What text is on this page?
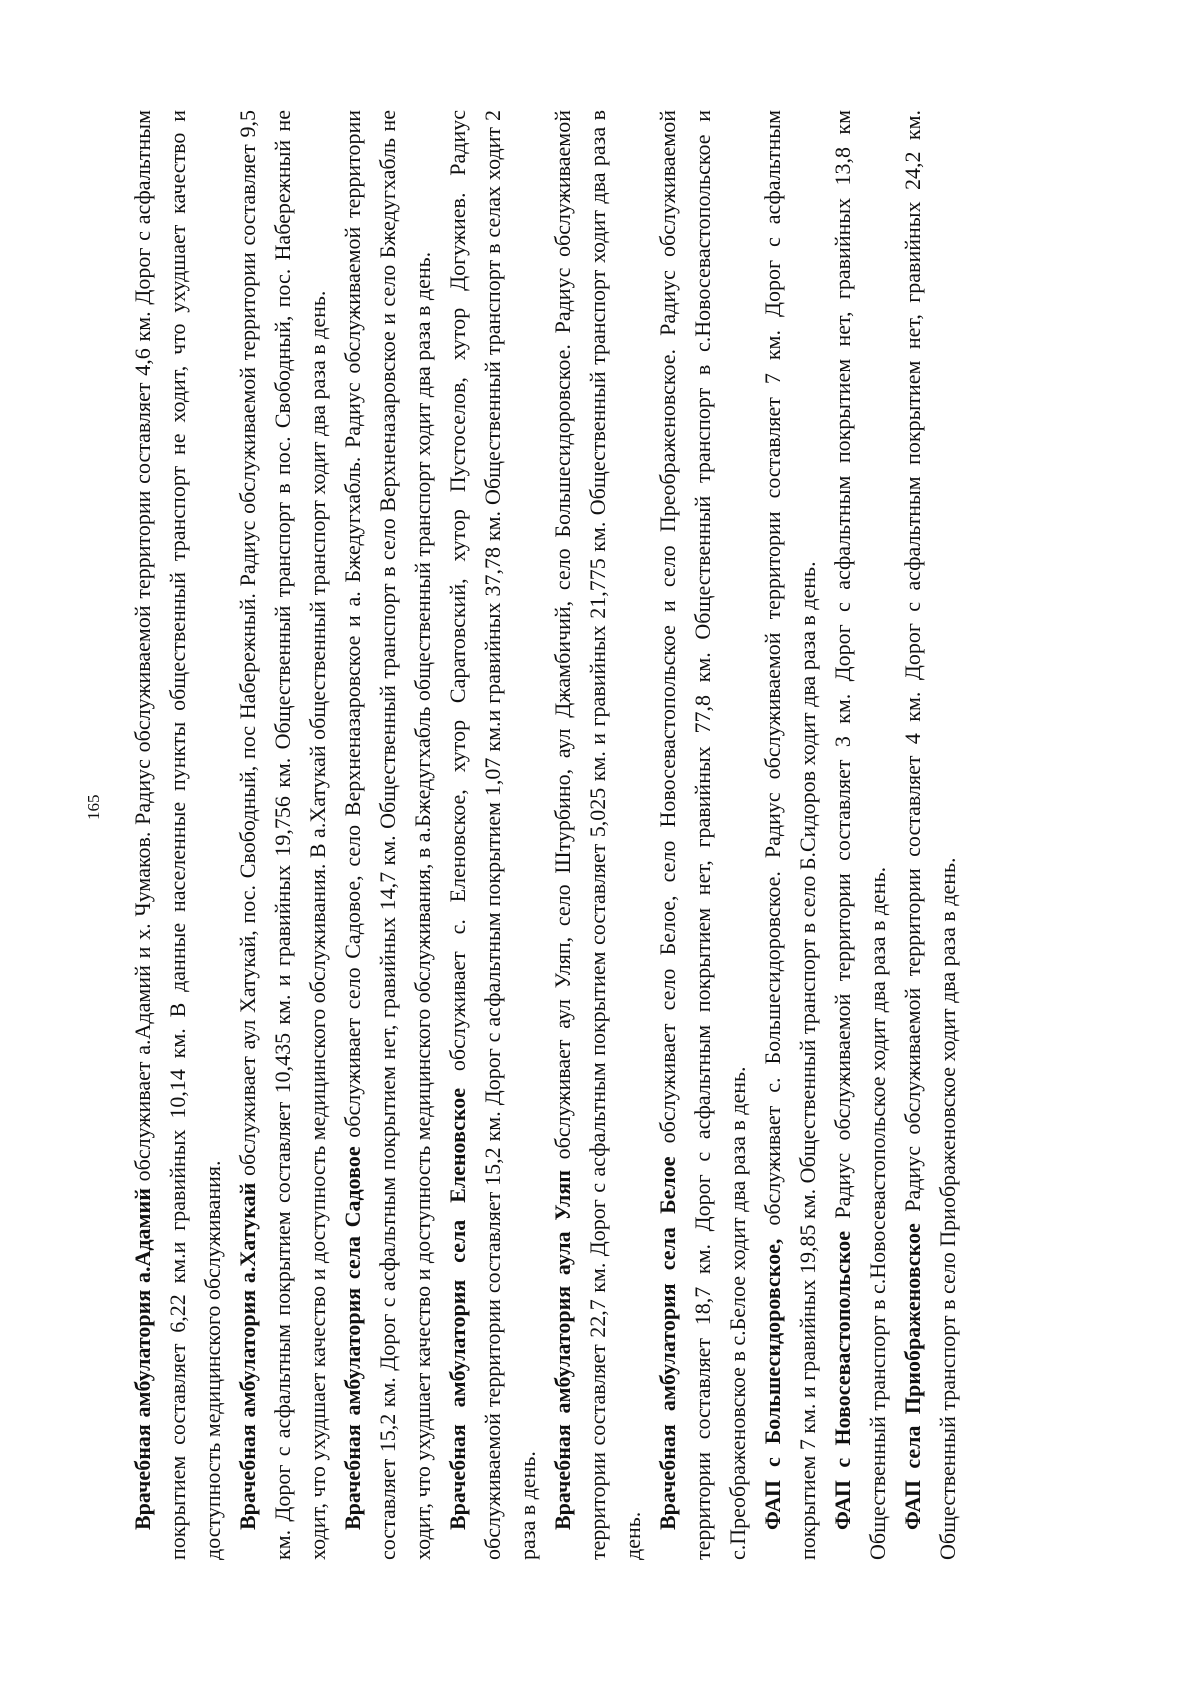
165

Врачебная амбулатория а.Адамий обслуживает а.Адамий и х. Чумаков. Радиус обслуживаемой территории составляет 4,6 км. Дорог с асфальтным покрытием составляет 6,22 км.и гравийных 10,14 км. В данные населенные пункты общественный транспорт не ходит, что ухудшает качество и доступность медицинского обслуживания. Врачебная амбулатория а.Хатукай обслуживает аул Хатукай, пос. Свободный, пос Набережный. Радиус обслуживаемой территории составляет 9,5 км. Дорог с асфальтным покрытием составляет 10,435 км. и гравийных 19,756 км. Общественный транспорт в пос. Свободный, пос. Набережный не ходит, что ухудшает качество и доступность медицинского обслуживания. В а.Хатукай общественный транспорт ходит два раза в день. Врачебная амбулатория села Садовое обслуживает село Садовое, село Верхненазаровское и а. Бжедугхабль. Радиус обслуживаемой территории составляет 15,2 км. Дорог с асфальтным покрытием нет, гравийных 14,7 км. Общественный транспорт в село Верхненазаровское и село Бжедугхабль не ходит, что ухудшает качество и доступность медицинского обслуживания, в а.Бжедугхабль общественный транспорт ходит два раза в день. Врачебная амбулатория села Еленовское обслуживает с. Еленовское, хутор Саратовский, хутор Пустоселов, хутор Догужиев. Радиус обслуживаемой территории составляет 15,2 км. Дорог с асфальтным покрытием 1,07 км.и гравийных 37,78 км. Общественный транспорт в селах ходит 2 раза в день. Врачебная амбулатория аула Уляп обслуживает аул Уляп, село Штурбино, аул Джамбичий, село Большесидоровское. Радиус обслуживаемой территории составляет 22,7 км. Дорог с асфальтным покрытием составляет 5,025 км. и гравийных 21,775 км. Общественный транспорт ходит два раза в день.

Врачебная амбулатория села Белое обслуживает село Белое, село Новосевастопольское и село Преображеновское. Радиус обслуживаемой территории составляет 18,7 км. Дорог с асфальтным покрытием нет, гравийных 77,8 км. Общественный транспорт в с.Новосевастопольское и с.Преображеновское в с.Белое ходит два раза в день. ФАП с Большесидоровское, обслуживает с. Большесидоровское. Радиус обслуживаемой территории составляет 7 км. Дорог с асфальтным покрытием 7 км. и гравийных 19,85 км. Общественный транспорт в село Б.Сидоров ходит два раза в день. ФАП с Новосевастопольское Радиус обслуживаемой территории составляет 3 км. Дорог с асфальтным покрытием нет, гравийных 13,8 км Общественный транспорт в с.Новосевастопольское ходит два раза в день. ФАП села Приображеновское Радиус обслуживаемой территории составляет 4 км. Дорог с асфальтным покрытием нет, гравийных 24,2 км. Общественный транспорт в село Приображеновское ходит два раза в день.
